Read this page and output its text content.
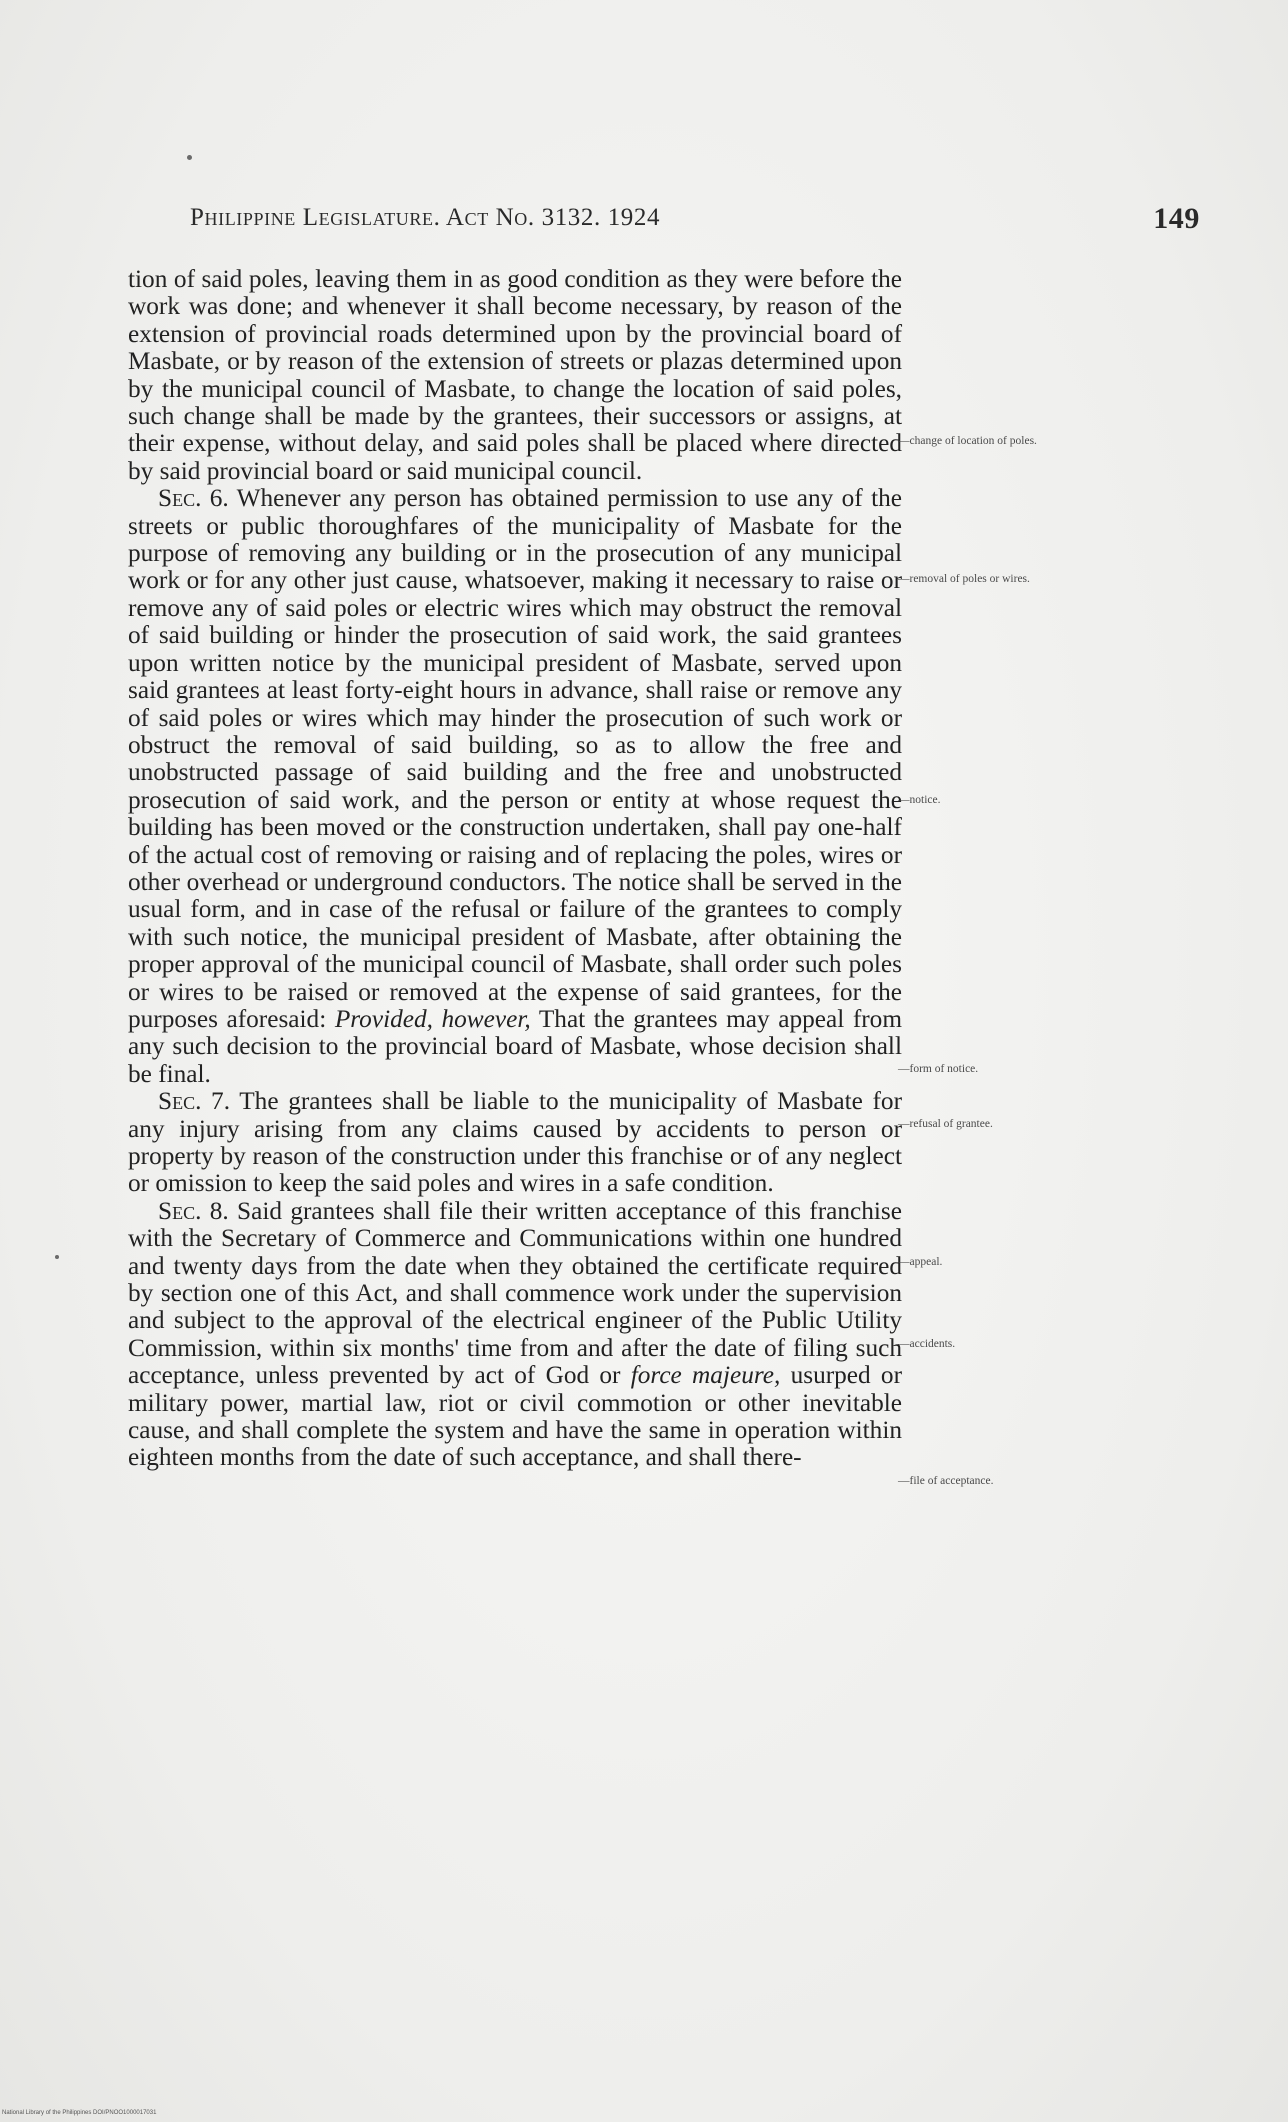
Philippine Legislature. Act No. 3132. 1924	149

tion of said poles, leaving them in as good condition as they were before the work was done; and whenever it shall become necessary, by reason of the extension of provincial roads determined upon by the provincial board of Masbate, or by reason of the extension of streets or plazas determined upon by the municipal council of Masbate, to change the location of said poles, such change shall be made by the grantees, their successors or assigns, at their expense, without delay, and said poles shall be placed where directed by said provincial board or said municipal council.

Sec. 6. Whenever any person has obtained permission to use any of the streets or public thoroughfares of the municipality of Masbate for the purpose of removing any building or in the prosecution of any municipal work or for any other just cause, whatsoever, making it necessary to raise or remove any of said poles or electric wires which may obstruct the removal of said building or hinder the prosecution of said work, the said grantees upon written notice by the municipal president of Masbate, served upon said grantees at least forty-eight hours in advance, shall raise or remove any of said poles or wires which may hinder the prosecution of such work or obstruct the removal of said building, so as to allow the free and unobstructed passage of said building and the free and unobstructed prosecution of said work, and the person or entity at whose request the building has been moved or the construction undertaken, shall pay one-half of the actual cost of removing or raising and of replacing the poles, wires or other overhead or underground conductors. The notice shall be served in the usual form, and in case of the refusal or failure of the grantees to comply with such notice, the municipal president of Masbate, after obtaining the proper approval of the municipal council of Masbate, shall order such poles or wires to be raised or removed at the expense of said grantees, for the purposes aforesaid: Provided, however, That the grantees may appeal from any such decision to the provincial board of Masbate, whose decision shall be final.

Sec. 7. The grantees shall be liable to the municipality of Masbate for any injury arising from any claims caused by accidents to person or property by reason of the construction under this franchise or of any neglect or omission to keep the said poles and wires in a safe condition.

Sec. 8. Said grantees shall file their written acceptance of this franchise with the Secretary of Commerce and Communications within one hundred and twenty days from the date when they obtained the certificate required by section one of this Act, and shall commence work under the supervision and subject to the approval of the electrical engineer of the Public Utility Commission, within six months' time from and after the date of filing such acceptance, unless prevented by act of God or force majeure, usurped or military power, martial law, riot or civil commotion or other inevitable cause, and shall complete the system and have the same in operation within eighteen months from the date of such acceptance, and shall there-

—change of location of poles.
—removal of poles or wires.
—notice.
—form of notice.
—refusal of grantee.
—appeal.
—accidents.
—file of acceptance.
National Library of the Philippines DOI/PNOO1000017031
